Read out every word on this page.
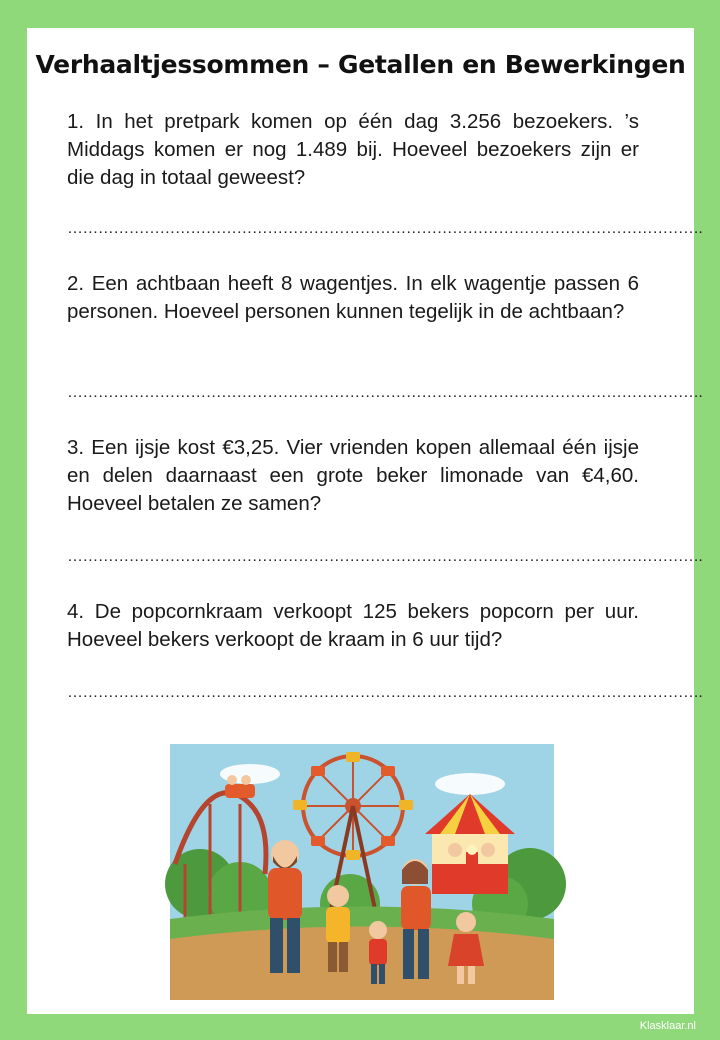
Verhaaltjessommen – Getallen en Bewerkingen
1. In het pretpark komen op één dag 3.256 bezoekers. ’s Middags komen er nog 1.489 bij. Hoeveel bezoekers zijn er die dag in totaal geweest?
…………………………………………………………………………………………………………….
2. Een achtbaan heeft 8 wagentjes. In elk wagentje passen 6 personen. Hoeveel personen kunnen tegelijk in de achtbaan?
…………………………………………………………………………………………………………….
3. Een ijsje kost €3,25. Vier vrienden kopen allemaal één ijsje en delen daarnaast een grote beker limonade van €4,60. Hoeveel betalen ze samen?
…………………………………………………………………………………………………………….
4. De popcornkraam verkoopt 125 bekers popcorn per uur. Hoeveel bekers verkoopt de kraam in 6 uur tijd?
…………………………………………………………………………………………………………….
Klasklaar.nl
